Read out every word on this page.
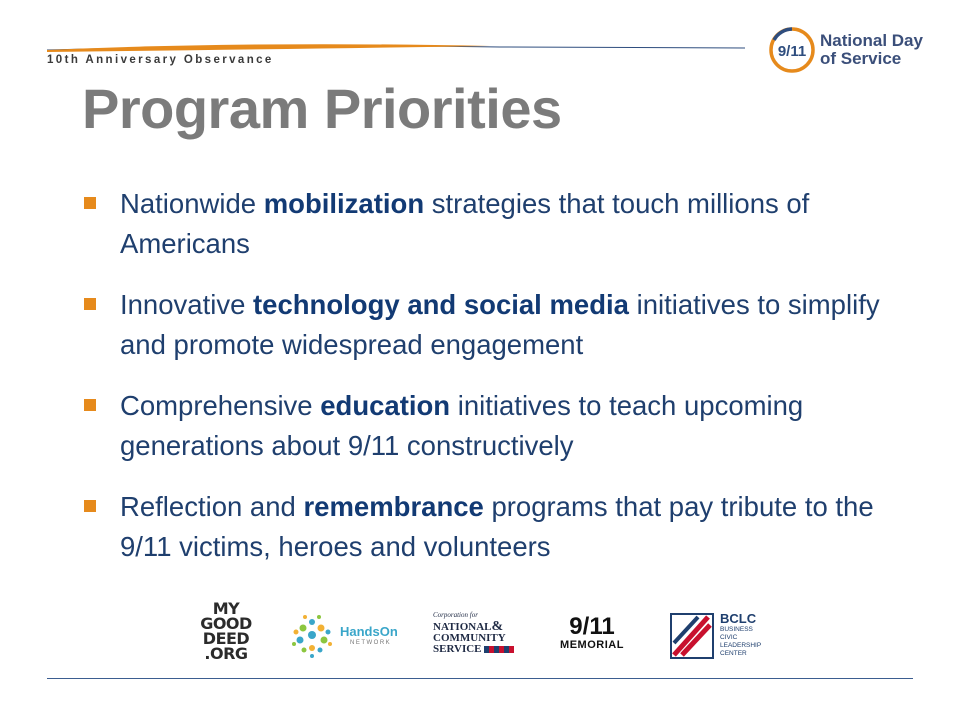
10th Anniversary Observance	9/11
National Day
of Service
Program Priorities
Nationwide mobilization strategies that touch millions of Americans
Innovative technology and social media initiatives to simplify and promote widespread engagement
Comprehensive education initiatives to teach upcoming generations about 9/11 constructively
Reflection and remembrance programs that pay tribute to the 9/11 victims, heroes and volunteers
MY
GOOD
DEED
.ORG
HandsOn
NETWORK
Corporation for
NATIONAL&
COMMUNITY
SERVICE
9/11
MEMORIAL
BCLC
BUSINESS
CIVIC
LEADERSHIP
CENTER
